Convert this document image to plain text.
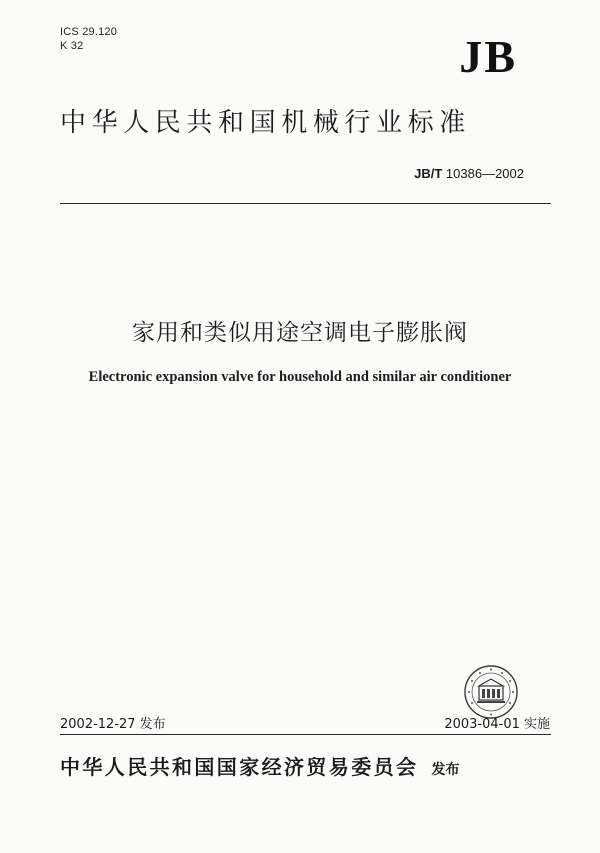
ICS 29.120
K 32	JB
中华人民共和国机械行业标准
JB/T 10386—2002
家用和类似用途空调电子膨胀阀
Electronic expansion valve for household and similar air conditioner
2002-12-27 发布	2003-04-01 实施
中华人民共和国国家经济贸易委员会 发布
